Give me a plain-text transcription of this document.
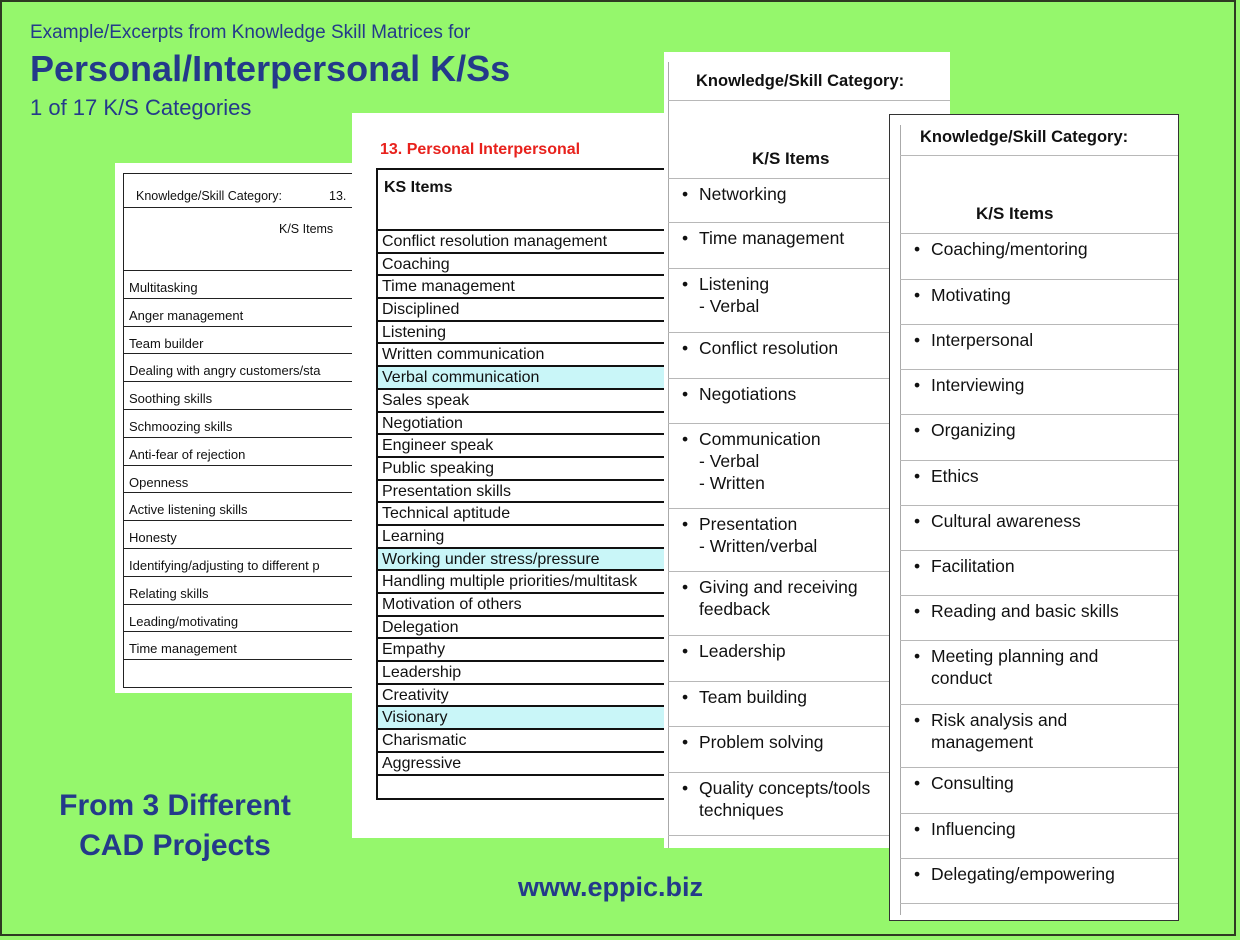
Example/Excerpts from Knowledge Skill Matrices for
Personal/Interpersonal K/Ss
1 of 17 K/S Categories
Knowledge/Skill Category:	13.
K/S Items
Multitasking
Anger management
Team builder
Dealing with angry customers/sta
Soothing skills
Schmoozing skills
Anti-fear of rejection
Openness
Active listening skills
Honesty
Identifying/adjusting to different p
Relating skills
Leading/motivating
Time management
13. Personal Interpersonal
KS Items
Conflict resolution management
Coaching
Time management
Disciplined
Listening
Written communication
Verbal communication
Sales speak
Negotiation
Engineer speak
Public speaking
Presentation skills
Technical aptitude
Learning
Working under stress/pressure
Handling multiple priorities/multitask
Motivation of others
Delegation
Empathy
Leadership
Creativity
Visionary
Charismatic
Aggressive
Knowledge/Skill Category:
K/S Items
• Networking
• Time management
• Listening
- Verbal
• Conflict resolution
• Negotiations
• Communication
- Verbal
- Written
• Presentation
- Written/verbal
• Giving and receiving
feedback
• Leadership
• Team building
• Problem solving
• Quality concepts/tools
techniques
Knowledge/Skill Category:
K/S Items
• Coaching/mentoring
• Motivating
• Interpersonal
• Interviewing
• Organizing
• Ethics
• Cultural awareness
• Facilitation
• Reading and basic skills
• Meeting planning and
conduct
• Risk analysis and
management
• Consulting
• Influencing
• Delegating/empowering
From 3 Different
CAD Projects
www.eppic.biz
